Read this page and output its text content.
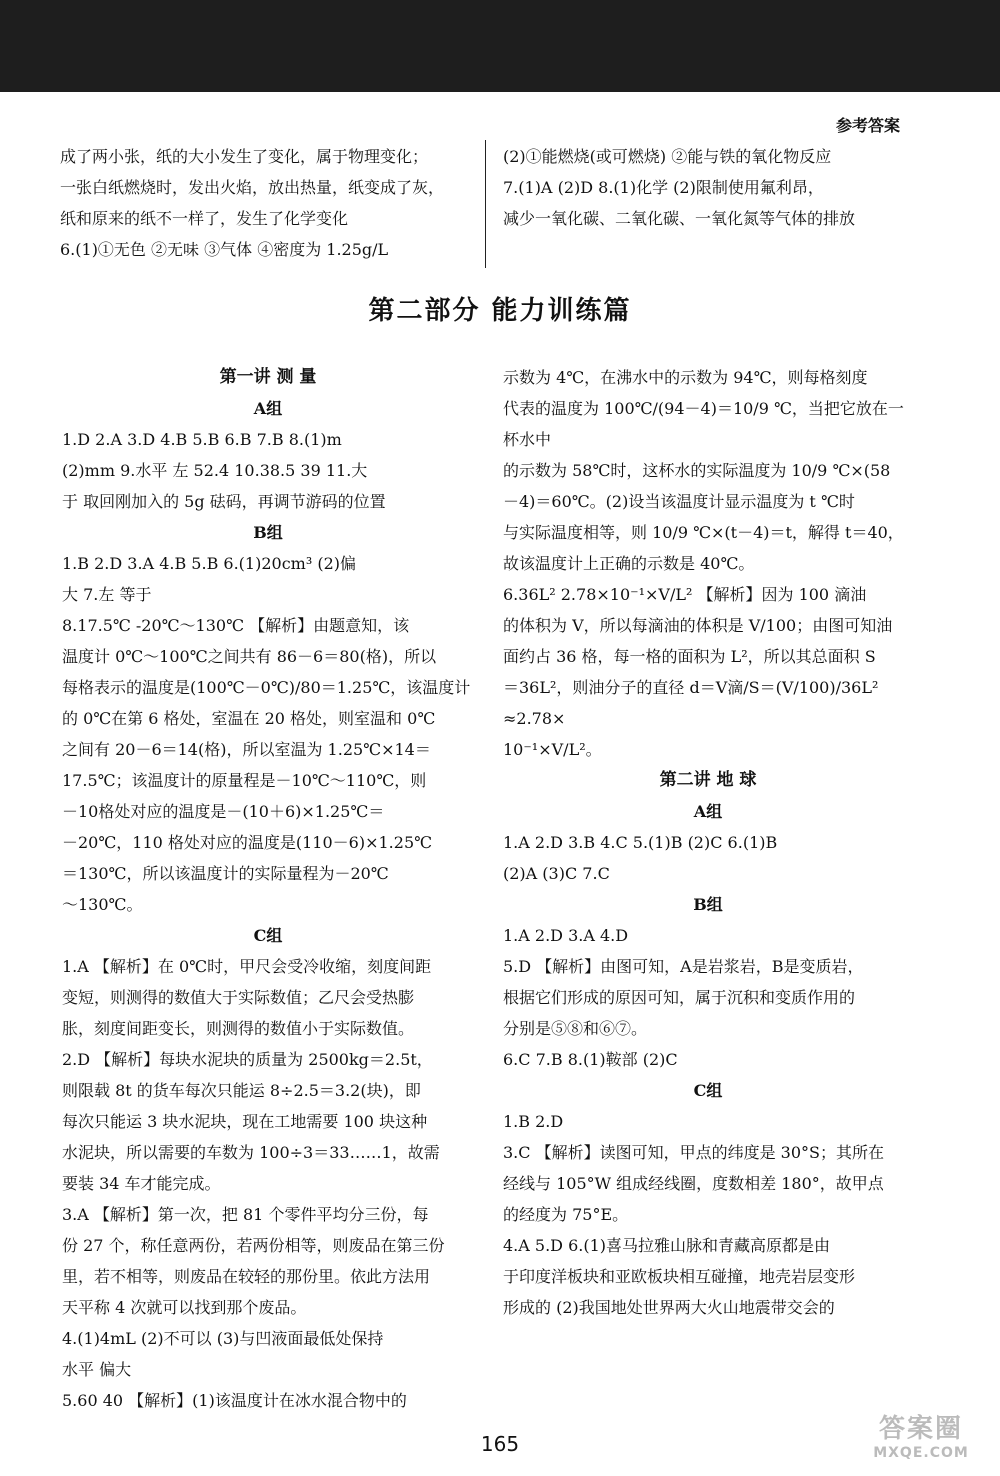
参考答案

成了两小张，纸的大小发生了变化，属于物理变化；

一张白纸燃烧时，发出火焰，放出热量，纸变成了灰，

纸和原来的纸不一样了，发生了化学变化

6.(1)①无色 ②无味 ③气体 ④密度为 1.25g/L

(2)①能燃烧(或可燃烧) ②能与铁的氧化物反应

7.(1)A (2)D 8.(1)化学 (2)限制使用氟利昂，

减少一氧化碳、二氧化碳、一氧化氮等气体的排放

第二部分 能力训练篇

第一讲 测 量

A组

1.D 2.A 3.D 4.B 5.B 6.B 7.B 8.(1)m

(2)mm 9.水平 左 52.4 10.38.5 39 11.大

于 取回刚加入的 5g 砝码，再调节游码的位置

B组

1.B 2.D 3.A 4.B 5.B 6.(1)20cm³ (2)偏

大 7.左 等于

8.17.5℃ -20℃～130℃ 【解析】由题意知，该

温度计 0℃～100℃之间共有 86－6＝80(格)，所以

每格表示的温度是(100℃－0℃)/80＝1.25℃，该温度计

的 0℃在第 6 格处，室温在 20 格处，则室温和 0℃

之间有 20－6＝14(格)，所以室温为 1.25℃×14＝

17.5℃；该温度计的原量程是－10℃～110℃，则

－10格处对应的温度是－(10＋6)×1.25℃＝

－20℃，110 格处对应的温度是(110－6)×1.25℃

＝130℃，所以该温度计的实际量程为－20℃

～130℃。

C组

1.A 【解析】在 0℃时，甲尺会受冷收缩，刻度间距

变短，则测得的数值大于实际数值；乙尺会受热膨

胀，刻度间距变长，则测得的数值小于实际数值。

2.D 【解析】每块水泥块的质量为 2500kg＝2.5t，

则限载 8t 的货车每次只能运 8÷2.5＝3.2(块)，即

每次只能运 3 块水泥块，现在工地需要 100 块这种

水泥块，所以需要的车数为 100÷3＝33……1，故需

要装 34 车才能完成。

3.A 【解析】第一次，把 81 个零件平均分三份，每

份 27 个，称任意两份，若两份相等，则废品在第三份

里，若不相等，则废品在较轻的那份里。依此方法用

天平称 4 次就可以找到那个废品。

4.(1)4mL (2)不可以 (3)与凹液面最低处保持

水平 偏大

5.60 40 【解析】(1)该温度计在冰水混合物中的

示数为 4℃，在沸水中的示数为 94℃，则每格刻度

代表的温度为 100℃/(94－4)＝10/9 ℃，当把它放在一杯水中

的示数为 58℃时，这杯水的实际温度为 10/9 ℃×(58

－4)＝60℃。(2)设当该温度计显示温度为 t ℃时

与实际温度相等，则 10/9 ℃×(t－4)＝t，解得 t＝40，

故该温度计上正确的示数是 40℃。

6.36L² 2.78×10⁻¹×V/L² 【解析】因为 100 滴油

的体积为 V，所以每滴油的体积是 V/100；由图可知油

面约占 36 格，每一格的面积为 L²，所以其总面积 S

＝36L²，则油分子的直径 d＝V滴/S＝(V/100)/36L² ≈2.78×

10⁻¹×V/L²。

第二讲 地 球

A组

1.A 2.D 3.B 4.C 5.(1)B (2)C 6.(1)B

(2)A (3)C 7.C

B组

1.A 2.D 3.A 4.D

5.D 【解析】由图可知，A是岩浆岩，B是变质岩，

根据它们形成的原因可知，属于沉积和变质作用的

分别是⑤⑧和⑥⑦。

6.C 7.B 8.(1)鞍部 (2)C

C组

1.B 2.D

3.C 【解析】读图可知，甲点的纬度是 30°S；其所在

经线与 105°W 组成经线圈，度数相差 180°，故甲点

的经度为 75°E。

4.A 5.D 6.(1)喜马拉雅山脉和青藏高原都是由

于印度洋板块和亚欧板块相互碰撞，地壳岩层变形

形成的 (2)我国地处世界两大火山地震带交会的

165	答案圈
MXQE.COM
